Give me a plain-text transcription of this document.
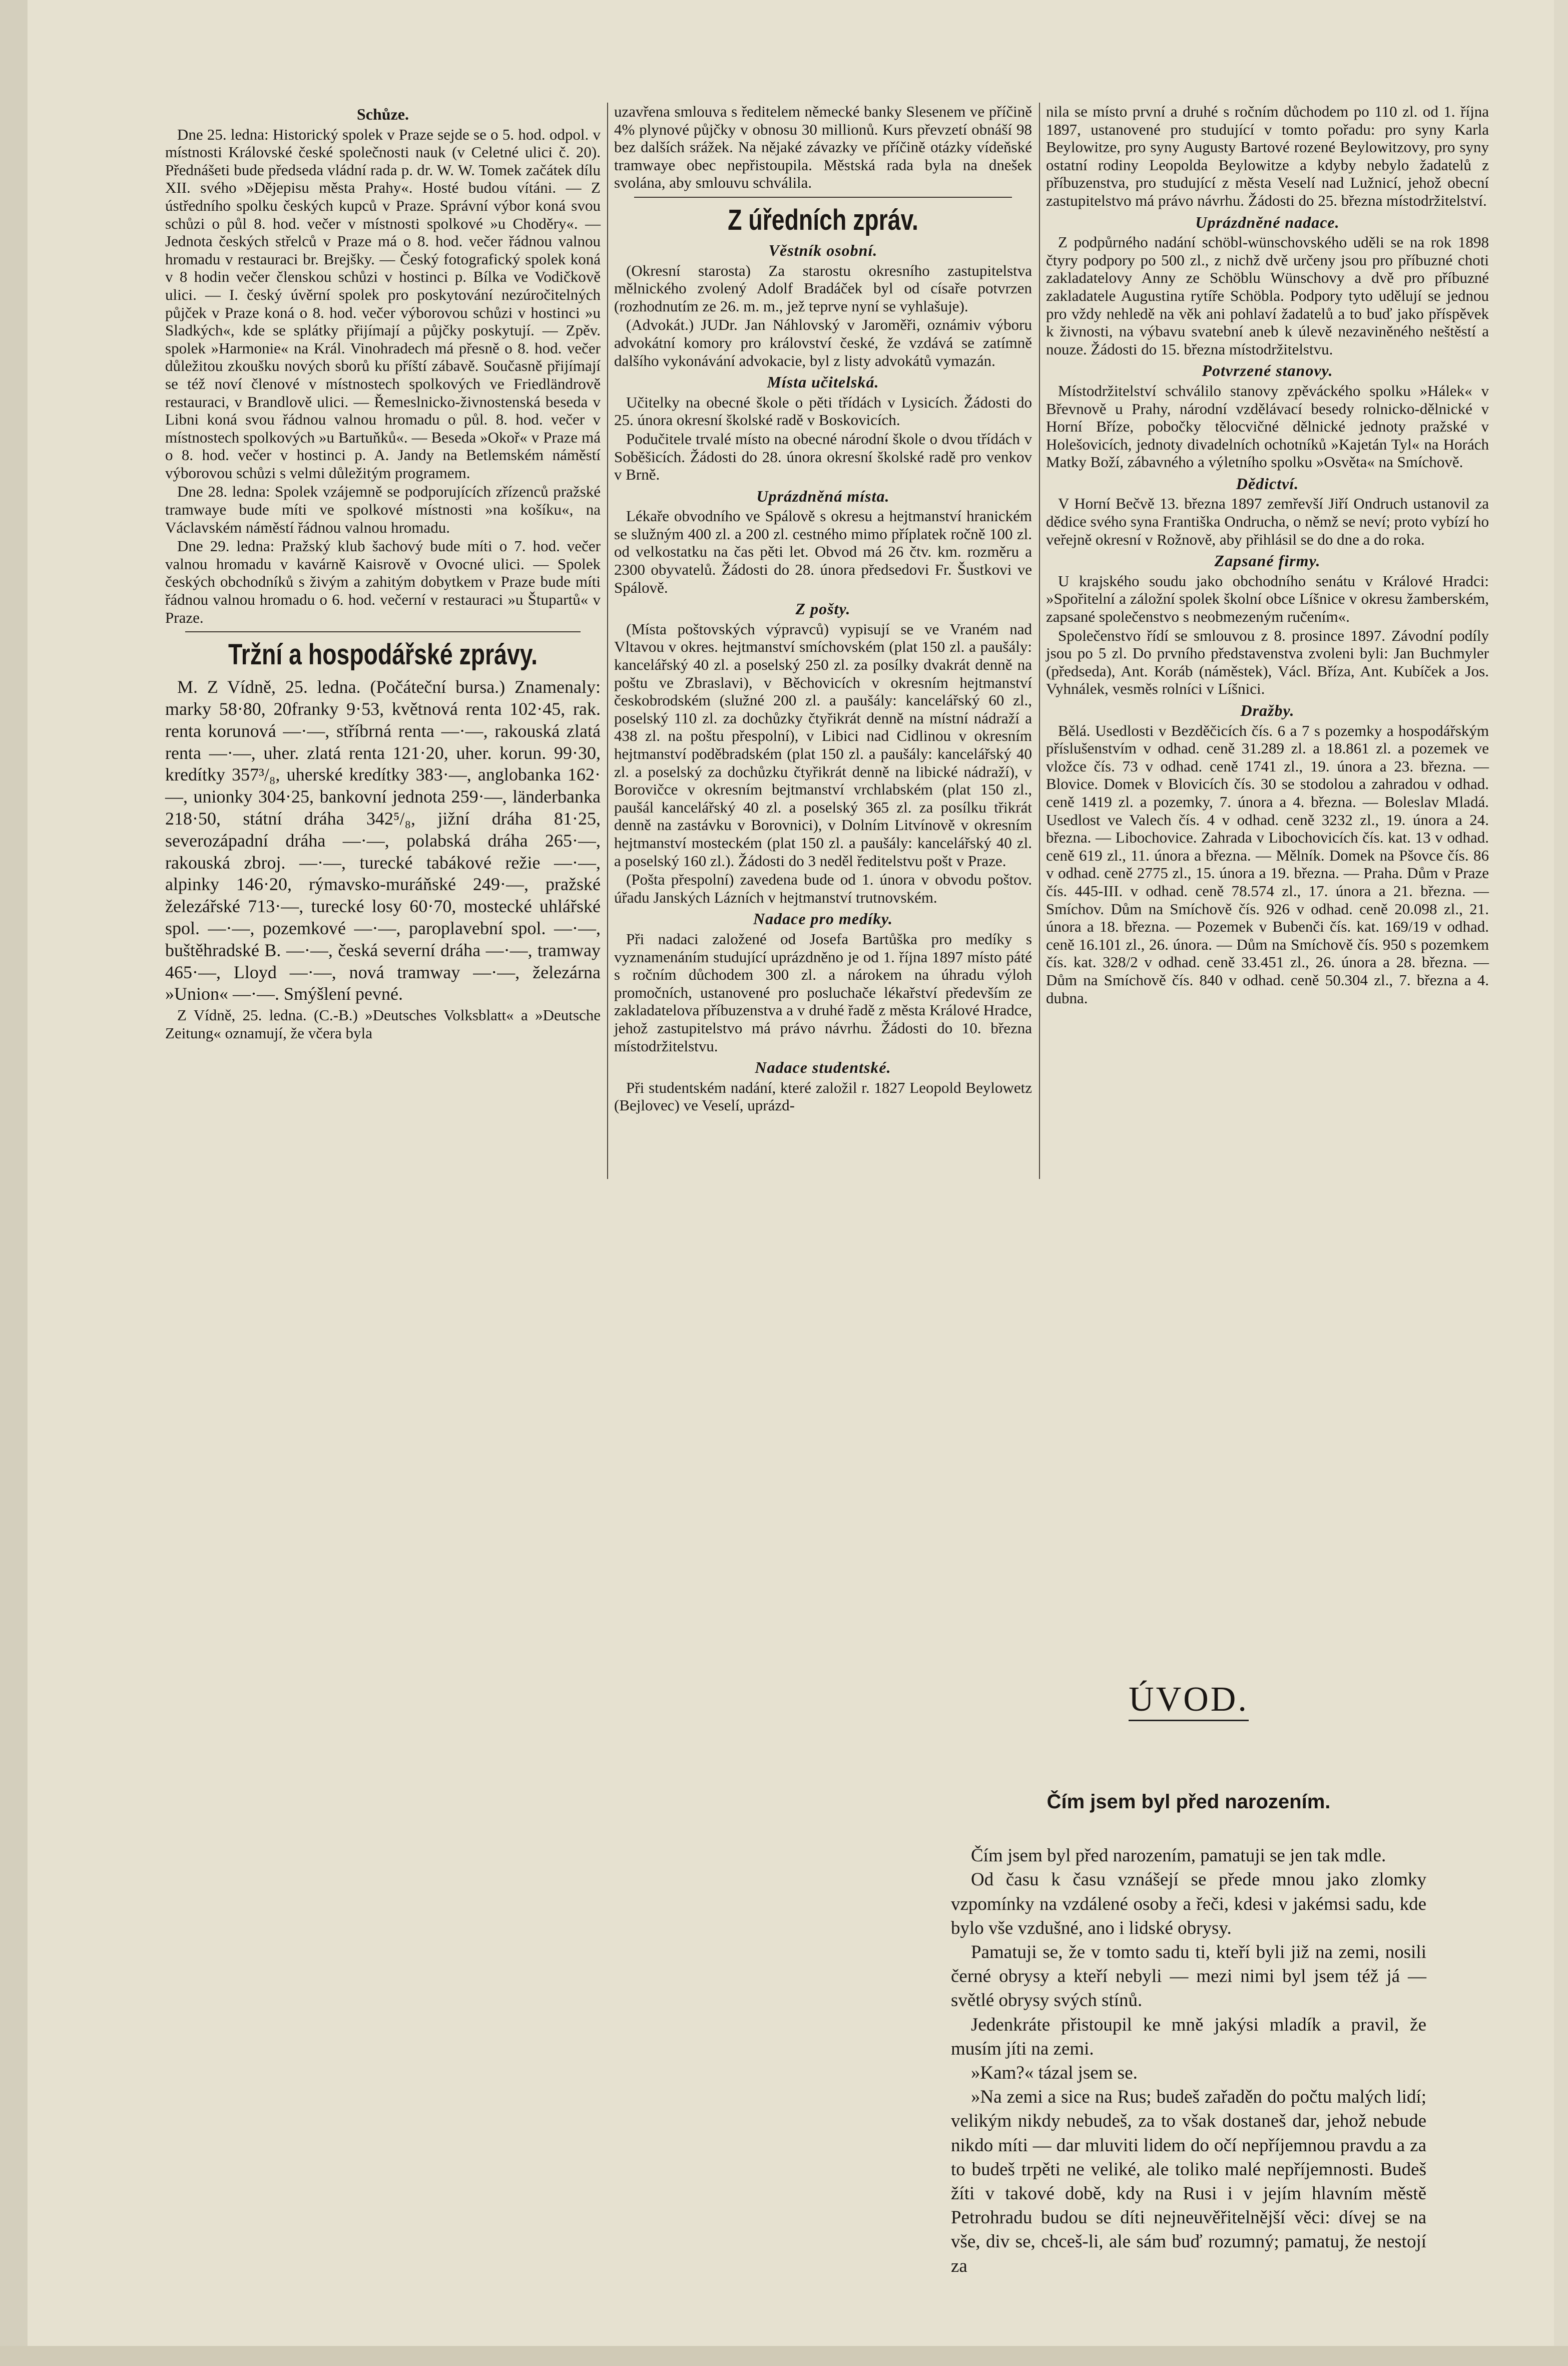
Schůze.

Dne 25. ledna: Historický spolek v Praze sejde se o 5. hod. odpol. v místnosti Královské české společnosti nauk (v Celetné ulici č. 20). Přednášeti bude předseda vládní rada p. dr. W. W. Tomek začátek dílu XII. svého »Dějepisu města Prahy«. Hosté budou vítáni. — Z ústředního spolku českých kupců v Praze. Správní výbor koná svou schůzi o půl 8. hod. večer v místnosti spolkové »u Choděry«. — Jednota českých střelců v Praze má o 8. hod. večer řádnou valnou hromadu v restauraci br. Brejšky. — Český fotografický spolek koná v 8 hodin večer členskou schůzi v hostinci p. Bílka ve Vodičkově ulici. — I. český úvěrní spolek pro poskytování nezúročitelných půjček v Praze koná o 8. hod. večer výborovou schůzi v hostinci »u Sladkých«, kde se splátky přijímají a půjčky poskytují. — Zpěv. spolek »Harmonie« na Král. Vinohradech má přesně o 8. hod. večer důležitou zkoušku nových sborů ku příští zábavě. Současně přijímají se též noví členové v místnostech spolkových ve Friedländrově restauraci, v Brandlově ulici. — Řemeslnicko-živnostenská beseda v Libni koná svou řádnou valnou hromadu o půl. 8. hod. večer v místnostech spolkových »u Bartuňků«. — Beseda »Okoř« v Praze má o 8. hod. večer v hostinci p. A. Jandy na Betlemském náměstí výborovou schůzi s velmi důležitým programem.

Dne 28. ledna: Spolek vzájemně se podporujících zřízenců pražské tramwaye bude míti ve spolkové místnosti »na košíku«, na Václavském náměstí řádnou valnou hromadu.

Dne 29. ledna: Pražský klub šachový bude míti o 7. hod. večer valnou hromadu v kavárně Kaisrově v Ovocné ulici. — Spolek českých obchodníků s živým a zahitým dobytkem v Praze bude míti řádnou valnou hromadu o 6. hod. večerní v restauraci »u Štupartů« v Praze.

Tržní a hospodářské zprávy.

M. Z Vídně, 25. ledna. (Počáteční bursa.) Znamenaly: marky 58·80, 20franky 9·53, květnová renta 102·45, rak. renta korunová —·—, stříbrná renta —·—, rakouská zlatá renta —·—, uher. zlatá renta 121·20, uher. korun. 99·30, kredítky 357³/₈, uherské kredítky 383·—, anglobanka 162·—, unionky 304·25, bankovní jednota 259·—, länderbanka 218·50, státní dráha 342⁵/₈, jižní dráha 81·25, severozápadní dráha —·—, polabská dráha 265·—, rakouská zbroj. —·—, turecké tabákové režie —·—, alpinky 146·20, rýmavsko-muráňské 249·—, pražské železářské 713·—, turecké losy 60·70, mostecké uhlářské spol. —·—, pozemkové —·—, paroplavební spol. —·—, buštěhradské B. —·—, česká severní dráha —·—, tramway 465·—, Lloyd —·—, nová tramway —·—, železárna »Union« —·—. Smýšlení pevné.

Z Vídně, 25. ledna. (C.-B.) »Deutsches Volksblatt« a »Deutsche Zeitung« oznamují, že včera byla

uzavřena smlouva s ředitelem německé banky Slesenem ve příčině 4% plynové půjčky v obnosu 30 millionů. Kurs převzetí obnáší 98 bez dalších srážek. Na nějaké závazky ve příčině otázky vídeňské tramwaye obec nepřistoupila. Městská rada byla na dnešek svolána, aby smlouvu schválila.

Z úředních zpráv.
Věstník osobní.

(Okresní starosta) Za starostu okresního zastupitelstva mělnického zvolený Adolf Bradáček byl od císaře potvrzen (rozhodnutím ze 26. m. m., jež teprve nyní se vyhlašuje).

(Advokát.) JUDr. Jan Náhlovský v Jaroměři, oznámiv výboru advokátní komory pro království české, že vzdává se zatímně dalšího vykonávání advokacie, byl z listy advokátů vymazán.

Místa učitelská.

Učitelky na obecné škole o pěti třídách v Lysicích. Žádosti do 25. února okresní školské radě v Boskovicích.

Podučitele trvalé místo na obecné národní škole o dvou třídách v Soběšicích. Žádosti do 28. února okresní školské radě pro venkov v Brně.

Uprázdněná místa.

Lékaře obvodního ve Spálově s okresu a hejtmanství hranickém se služným 400 zl. a 200 zl. cestného mimo příplatek ročně 100 zl. od velkostatku na čas pěti let. Obvod má 26 čtv. km. rozměru a 2300 obyvatelů. Žádosti do 28. února předsedovi Fr. Šustkovi ve Spálově.

Z pošty.

(Místa poštovských výpravců) vypisují se ve Vraném nad Vltavou v okres. hejtmanství smíchovském (plat 150 zl. a paušály: kancelářský 40 zl. a poselský 250 zl. za posílky dvakrát denně na poštu ve Zbraslavi), v Běchovicích v okresním hejtmanství českobrodském (služné 200 zl. a paušály: kancelářský 60 zl., poselský 110 zl. za dochůzky čtyřikrát denně na místní nádraží a 438 zl. na poštu přespolní), v Libici nad Cidlinou v okresním hejtmanství poděbradském (plat 150 zl. a paušály: kancelářský 40 zl. a poselský za dochůzku čtyřikrát denně na libické nádraží), v Borovičce v okresním bejtmanství vrchlabském (plat 150 zl., paušál kancelářský 40 zl. a poselský 365 zl. za posílku třikrát denně na zastávku v Borovnici), v Dolním Litvínově v okresním hejtmanství mosteckém (plat 150 zl. a paušály: kancelářský 40 zl. a poselský 160 zl.). Žádosti do 3 neděl ředitelstvu pošt v Praze.

(Pošta přespolní) zavedena bude od 1. února v obvodu poštov. úřadu Janských Lázních v hejtmanství trutnovském.

Nadace pro medíky.

Při nadaci založené od Josefa Bartůška pro medíky s vyznamenáním studující uprázdněno je od 1. října 1897 místo páté s ročním důchodem 300 zl. a nárokem na úhradu výloh promočních, ustanovené pro posluchače lékařství především ze zakladatelova příbuzenstva a v druhé řadě z města Králové Hradce, jehož zastupitelstvo má právo návrhu. Žádosti do 10. března místodržitelstvu.

Nadace studentské.

Při studentském nadání, které založil r. 1827 Leopold Beylowetz (Bejlovec) ve Veselí, uprázd-

nila se místo první a druhé s ročním důchodem po 110 zl. od 1. října 1897, ustanovené pro studující v tomto pořadu: pro syny Karla Beylowitze, pro syny Augusty Bartové rozené Beylowitzovy, pro syny ostatní rodiny Leopolda Beylowitze a kdyby nebylo žadatelů z příbuzenstva, pro studující z města Veselí nad Lužnicí, jehož obecní zastupitelstvo má právo návrhu. Žádosti do 25. března místodržitelství.

Uprázdněné nadace.

Z podpůrného nadání schöbl-wünschovského uděli se na rok 1898 čtyry podpory po 500 zl., z nichž dvě určeny jsou pro příbuzné choti zakladatelovy Anny ze Schöblu Wünschovy a dvě pro příbuzné zakladatele Augustina rytíře Schöbla. Podpory tyto udělují se jednou pro vždy nehledě na věk ani pohlaví žadatelů a to buď jako příspěvek k živnosti, na výbavu svatební aneb k úlevě nezaviněného neštěstí a nouze. Žádosti do 15. března místodržitelstvu.

Potvrzené stanovy.

Místodržitelství schválilo stanovy zpěváckého spolku »Hálek« v Břevnově u Prahy, národní vzdělávací besedy rolnicko-dělnické v Horní Bříze, pobočky tělocvičné dělnické jednoty pražské v Holešovicích, jednoty divadelních ochotníků »Kajetán Tyl« na Horách Matky Boží, zábavného a výletního spolku »Osvěta« na Smíchově.

Dědictví.

V Horní Bečvě 13. března 1897 zemřevší Jiří Ondruch ustanovil za dědice svého syna Františka Ondrucha, o němž se neví; proto vybízí ho veřejně okresní v Rožnově, aby přihlásil se do dne a do roka.

Zapsané firmy.

U krajského soudu jako obchodního senátu v Králové Hradci: »Spořitelní a záložní spolek školní obce Líšnice v okresu žamberském, zapsané společenstvo s neobmezeným ručením«.

Společenstvo řídí se smlouvou z 8. prosince 1897. Závodní podíly jsou po 5 zl. Do prvního představenstva zvoleni byli: Jan Buchmyler (předseda), Ant. Koráb (náměstek), Václ. Bříza, Ant. Kubíček a Jos. Vyhnálek, vesměs rolníci v Líšnici.

Dražby.

Bělá. Usedlosti v Bezděčicích čís. 6 a 7 s pozemky a hospodářským příslušenstvím v odhad. ceně 31.289 zl. a 18.861 zl. a pozemek ve vložce čís. 73 v odhad. ceně 1741 zl., 19. února a 23. března. — Blovice. Domek v Blovicích čís. 30 se stodolou a zahradou v odhad. ceně 1419 zl. a pozemky, 7. února a 4. března. — Boleslav Mladá. Usedlost ve Valech čís. 4 v odhad. ceně 3232 zl., 19. února a 24. března. — Libochovice. Zahrada v Libochovicích čís. kat. 13 v odhad. ceně 619 zl., 11. února a březnа. — Mělník. Domek na Pšovce čís. 86 v odhad. ceně 2775 zl., 15. února a 19. března. — Praha. Dům v Praze čís. 445-III. v odhad. ceně 78.574 zl., 17. února a 21. března. — Smíchov. Dům na Smíchově čís. 926 v odhad. ceně 20.098 zl., 21. února a 18. března. — Pozemek v Bubenči čís. kat. 169/19 v odhad. ceně 16.101 zl., 26. února. — Dům na Smíchově čís. 950 s pozemkem čís. kat. 328/2 v odhad. ceně 33.451 zl., 26. února a 28. března. — Dům na Smíchově čís. 840 v odhad. ceně 50.304 zl., 7. března a 4. dubna.

ÚVOD.
Čím jsem byl před narozením.

Čím jsem byl před narozením, pamatuji se jen tak mdle.

Od času k času vznášejí se přede mnou jako zlomky vzpomínky na vzdálené osoby a řeči, kdesi v jakémsi sadu, kde bylo vše vzdušné, ano i lidské obrysy.

Pamatuji se, že v tomto sadu ti, kteří byli již na zemi, nosili černé obrysy a kteří nebyli — mezi nimi byl jsem též já — světlé obrysy svých stínů.

Jedenkráte přistoupil ke mně jakýsi mladík a pravil, že musím jíti na zemi.

»Kam?« tázal jsem se.

»Na zemi a sice na Rus; budeš zařaděn do počtu malých lidí; velikým nikdy nebudeš, za to však dostaneš dar, jehož nebude nikdo míti — dar mluviti lidem do očí nepříjemnou pravdu a za to budeš trpěti ne veliké, ale toliko malé nepříjemnosti. Budeš žíti v takové době, kdy na Rusi i v jejím hlavním městě Petrohradu budou se díti nejneuvěřitelnější věci: dívej se na vše, div se, chceš-li, ale sám buď rozumný; pamatuj, že nestojí za
